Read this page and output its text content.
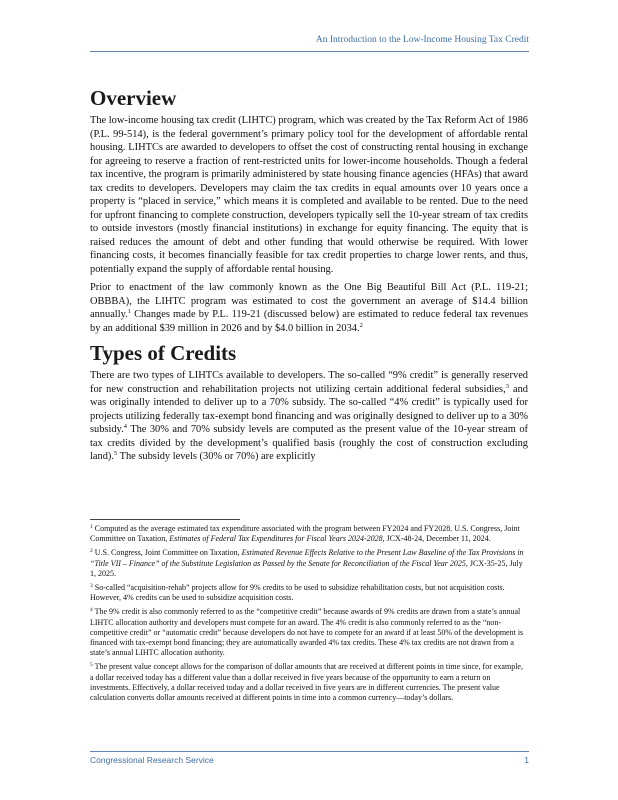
An Introduction to the Low-Income Housing Tax Credit
Overview

The low-income housing tax credit (LIHTC) program, which was created by the Tax Reform Act of 1986 (P.L. 99-514), is the federal government’s primary policy tool for the development of affordable rental housing. LIHTCs are awarded to developers to offset the cost of constructing rental housing in exchange for agreeing to reserve a fraction of rent-restricted units for lower-income households. Though a federal tax incentive, the program is primarily administered by state housing finance agencies (HFAs) that award tax credits to developers. Developers may claim the tax credits in equal amounts over 10 years once a property is “placed in service,” which means it is completed and available to be rented. Due to the need for upfront financing to complete construction, developers typically sell the 10-year stream of tax credits to outside investors (mostly financial institutions) in exchange for equity financing. The equity that is raised reduces the amount of debt and other funding that would otherwise be required. With lower financing costs, it becomes financially feasible for tax credit properties to charge lower rents, and thus, potentially expand the supply of affordable rental housing.

Prior to enactment of the law commonly known as the One Big Beautiful Bill Act (P.L. 119-21; OBBBA), the LIHTC program was estimated to cost the government an average of $14.4 billion annually.$^1$ Changes made by P.L. 119-21 (discussed below) are estimated to reduce federal tax revenues by an additional $39 million in 2026 and by $4.0 billion in 2034.$^2$

Types of Credits

There are two types of LIHTCs available to developers. The so-called “9% credit” is generally reserved for new construction and rehabilitation projects not utilizing certain additional federal subsidies,$^3$ and was originally intended to deliver up to a 70% subsidy. The so-called “4% credit” is typically used for projects utilizing federally tax-exempt bond financing and was originally designed to deliver up to a 30% subsidy.$^4$ The 30% and 70% subsidy levels are computed as the present value of the 10-year stream of tax credits divided by the development’s qualified basis (roughly the cost of construction excluding land).$^5$ The subsidy levels (30% or 70%) are explicitly

$^1$ Computed as the average estimated tax expenditure associated with the program between FY2024 and FY2028. U.S. Congress, Joint Committee on Taxation, Estimates of Federal Tax Expenditures for Fiscal Years 2024-2028, JCX-48-24, December 11, 2024.

$^2$ U.S. Congress, Joint Committee on Taxation, Estimated Revenue Effects Relative to the Present Law Baseline of the Tax Provisions in “Title VII – Finance” of the Substitute Legislation as Passed by the Senate for Reconciliation of the Fiscal Year 2025, JCX-35-25, July 1, 2025.

$^3$ So-called “acquisition-rehab” projects allow for 9% credits to be used to subsidize rehabilitation costs, but not acquisition costs. However, 4% credits can be used to subsidize acquisition costs.

$^4$ The 9% credit is also commonly referred to as the “competitive credit” because awards of 9% credits are drawn from a state’s annual LIHTC allocation authority and developers must compete for an award. The 4% credit is also commonly referred to as the “non-competitive credit” or “automatic credit” because developers do not have to compete for an award if at least 50% of the development is financed with tax-exempt bond financing; they are automatically awarded 4% tax credits. These 4% tax credits are not drawn from a state’s annual LIHTC allocation authority.

$^5$ The present value concept allows for the comparison of dollar amounts that are received at different points in time since, for example, a dollar received today has a different value than a dollar received in five years because of the opportunity to earn a return on investments. Effectively, a dollar received today and a dollar received in five years are in different currencies. The present value calculation converts dollar amounts received at different points in time into a common currency—today’s dollars.

Congressional Research Service	1
